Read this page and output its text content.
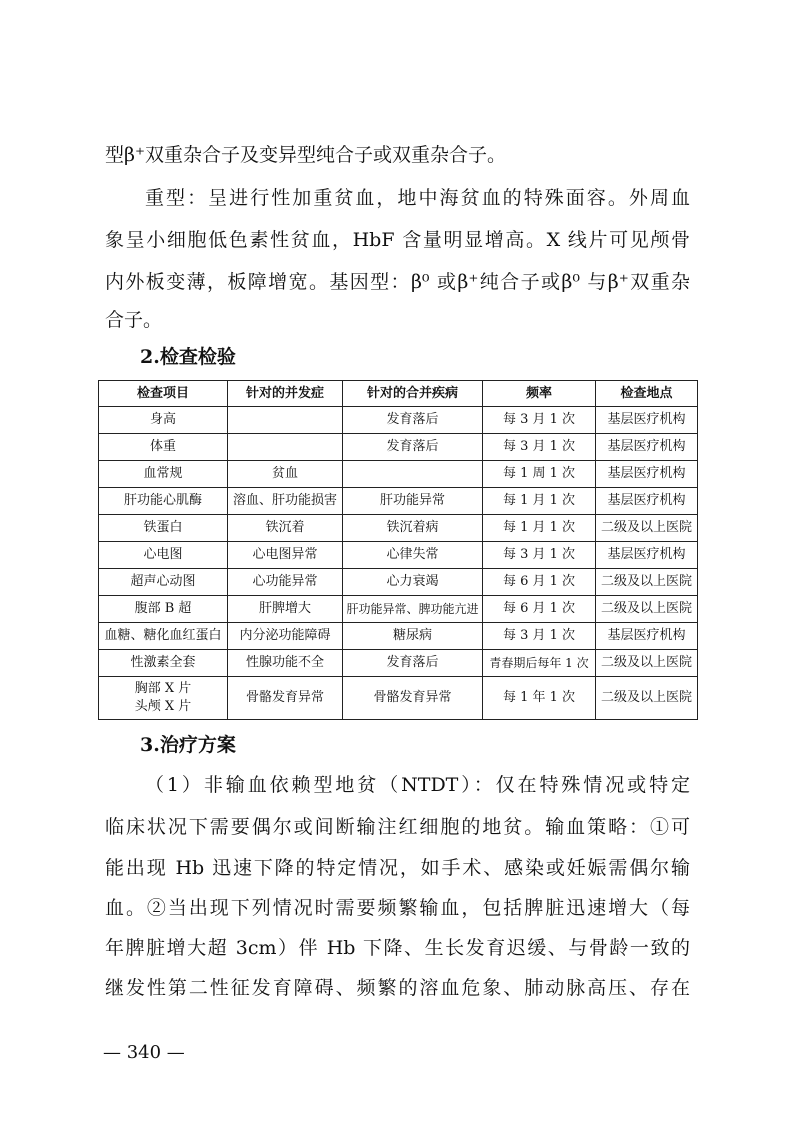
型β⁺双重杂合子及变异型纯合子或双重杂合子。
重型：呈进行性加重贫血，地中海贫血的特殊面容。外周血
象呈小细胞低色素性贫血，HbF 含量明显增高。X 线片可见颅骨
内外板变薄，板障增宽。基因型：β⁰ 或β⁺纯合子或β⁰ 与β⁺双重杂
合子。
2.检查检验
检查项目	针对的并发症	针对的合并疾病	频率	检查地点
身高		发育落后	每 3 月 1 次	基层医疗机构
体重		发育落后	每 3 月 1 次	基层医疗机构
血常规	贫血		每 1 周 1 次	基层医疗机构
肝功能心肌酶	溶血、肝功能损害	肝功能异常	每 1 月 1 次	基层医疗机构
铁蛋白	铁沉着	铁沉着病	每 1 月 1 次	二级及以上医院
心电图	心电图异常	心律失常	每 3 月 1 次	基层医疗机构
超声心动图	心功能异常	心力衰竭	每 6 月 1 次	二级及以上医院
腹部 B 超	肝脾增大	肝功能异常、脾功能亢进	每 6 月 1 次	二级及以上医院
血糖、糖化血红蛋白	内分泌功能障碍	糖尿病	每 3 月 1 次	基层医疗机构
性激素全套	性腺功能不全	发育落后	青春期后每年 1 次	二级及以上医院

胸部 X 片
头颅 X 片	骨骼发育异常	骨骼发育异常	每 1 年 1 次	二级及以上医院
3.治疗方案
（1）非输血依赖型地贫（NTDT）：仅在特殊情况或特定
临床状况下需要偶尔或间断输注红细胞的地贫。输血策略：①可
能出现 Hb 迅速下降的特定情况，如手术、感染或妊娠需偶尔输
血。②当出现下列情况时需要频繁输血，包括脾脏迅速增大（每
年脾脏增大超 3cm）伴 Hb 下降、生长发育迟缓、与骨龄一致的
继发性第二性征发育障碍、频繁的溶血危象、肺动脉高压、存在
— 340 —
